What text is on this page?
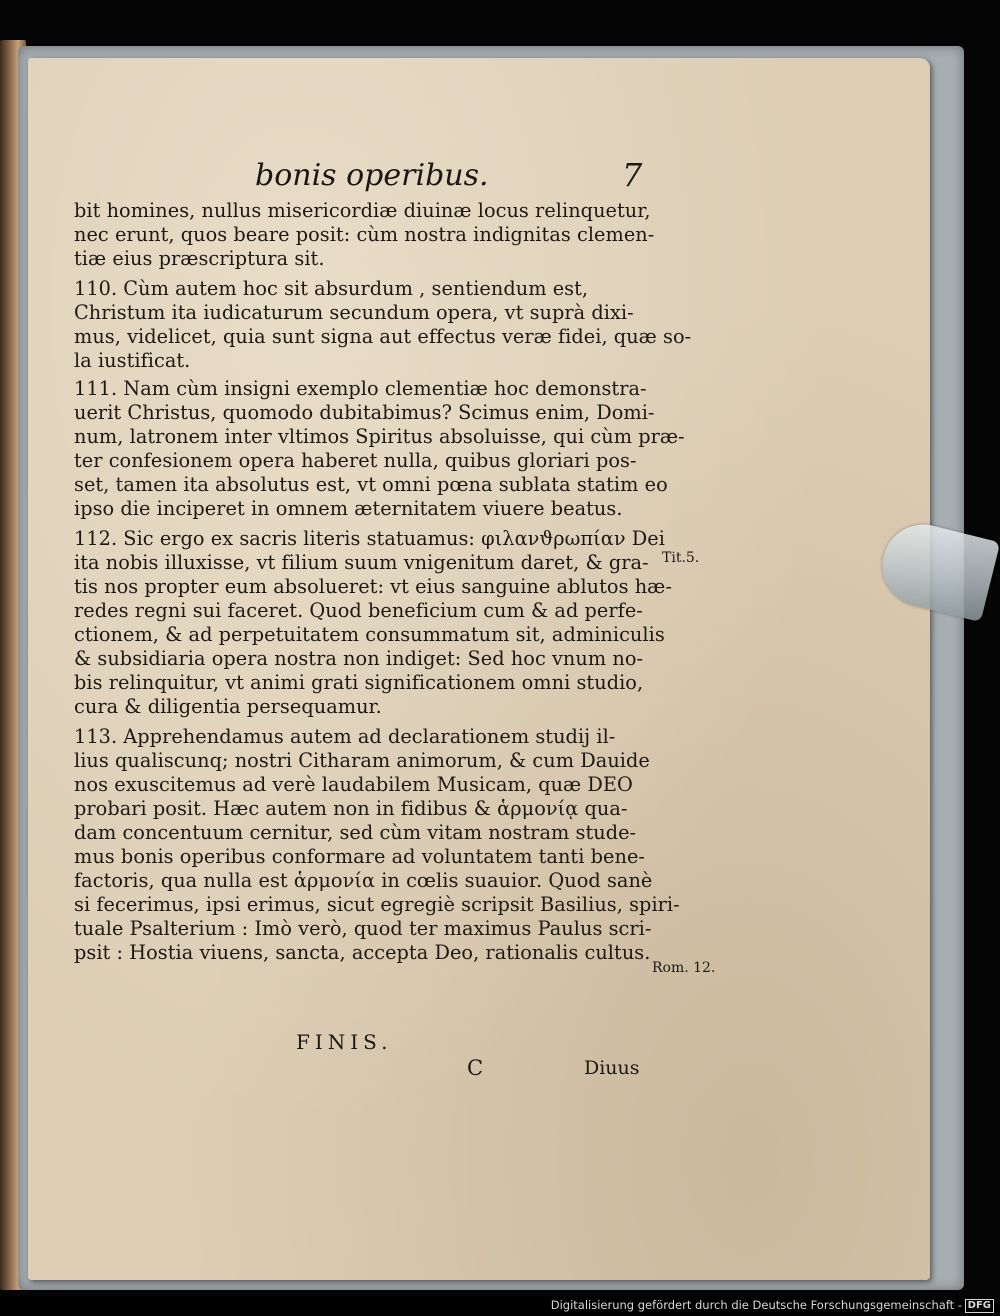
bonis operibus.	7
bit homines, nullus misericordiæ diuinæ locus relinquetur,
nec erunt, quos beare posit: cùm nostra indignitas clemen-
tiæ eius præscriptura sit.
110. Cùm autem hoc sit absurdum , sentiendum est,
Christum ita iudicaturum secundum opera, vt suprà dixi-
mus, videlicet, quia sunt signa aut effectus veræ fidei, quæ so-
la iustificat.
111. Nam cùm insigni exemplo clementiæ hoc demonstra-
uerit Christus, quomodo dubitabimus? Scimus enim, Domi-
num, latronem inter vltimos Spiritus absoluisse, qui cùm præ-
ter confesionem opera haberet nulla, quibus gloriari pos-
set, tamen ita absolutus est, vt omni pœna sublata statim eo
ipso die inciperet in omnem æternitatem viuere beatus.
112. Sic ergo ex sacris literis statuamus: φιλανϑρωπίαν Dei
ita nobis illuxisse, vt filium suum vnigenitum daret, & gra-
tis nos propter eum absolueret: vt eius sanguine ablutos hæ-
redes regni sui faceret. Quod beneficium cum & ad perfe-
ctionem, & ad perpetuitatem consummatum sit, adminiculis
& subsidiaria opera nostra non indiget: Sed hoc vnum no-
bis relinquitur, vt animi grati significationem omni studio,
cura & diligentia persequamur.
113. Apprehendamus autem ad declarationem studij il-
lius qualiscunq; nostri Citharam animorum, & cum Dauide
nos exuscitemus ad verè laudabilem Musicam, quæ DEO
probari posit. Hæc autem non in fidibus & ἁρμονίᾳ qua-
dam concentuum cernitur, sed cùm vitam nostram stude-
mus bonis operibus conformare ad voluntatem tanti bene-
factoris, qua nulla est ἁρμονία in cœlis suauior. Quod sanè
si fecerimus, ipsi erimus, sicut egregiè scripsit Basilius, spiri-
tuale Psalterium : Imò verò, quod ter maximus Paulus scri-
psit : Hostia viuens, sancta, accepta Deo, rationalis cultus.
Tit.5.
Rom. 12.
FINIS.
C	Diuus
Digitalisierung gefördert durch die Deutsche Forschungsgemeinschaft - DFG
